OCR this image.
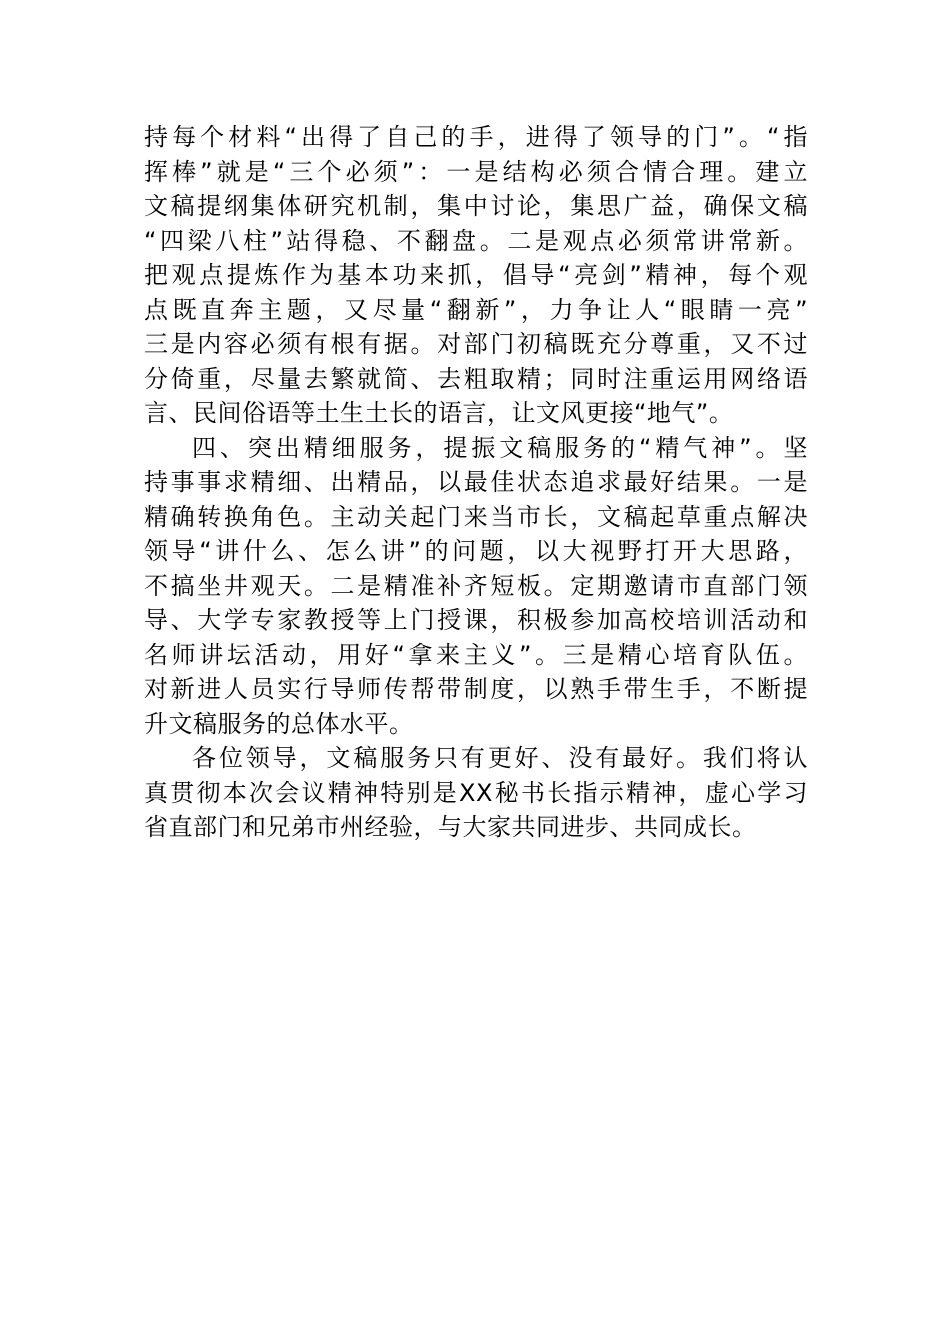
持每个材料“出得了自己的手，进得了领导的门”。“指
挥棒”就是“三个必须”：一是结构必须合情合理。建立
文稿提纲集体研究机制，集中讨论，集思广益，确保文稿
“四梁八柱”站得稳、不翻盘。二是观点必须常讲常新。
把观点提炼作为基本功来抓，倡导“亮剑”精神，每个观
点既直奔主题，又尽量“翻新”，力争让人“眼睛一亮”
三是内容必须有根有据。对部门初稿既充分尊重，又不过
分倚重，尽量去繁就简、去粗取精；同时注重运用网络语
言、民间俗语等土生土长的语言，让文风更接“地气”。
四、突出精细服务，提振文稿服务的“精气神”。坚
持事事求精细、出精品，以最佳状态追求最好结果。一是
精确转换角色。主动关起门来当市长，文稿起草重点解决
领导“讲什么、怎么讲”的问题，以大视野打开大思路，
不搞坐井观天。二是精准补齐短板。定期邀请市直部门领
导、大学专家教授等上门授课，积极参加高校培训活动和
名师讲坛活动，用好“拿来主义”。三是精心培育队伍。
对新进人员实行导师传帮带制度，以熟手带生手，不断提
升文稿服务的总体水平。
各位领导，文稿服务只有更好、没有最好。我们将认
真贯彻本次会议精神特别是XX秘书长指示精神，虚心学习
省直部门和兄弟市州经验，与大家共同进步、共同成长。
